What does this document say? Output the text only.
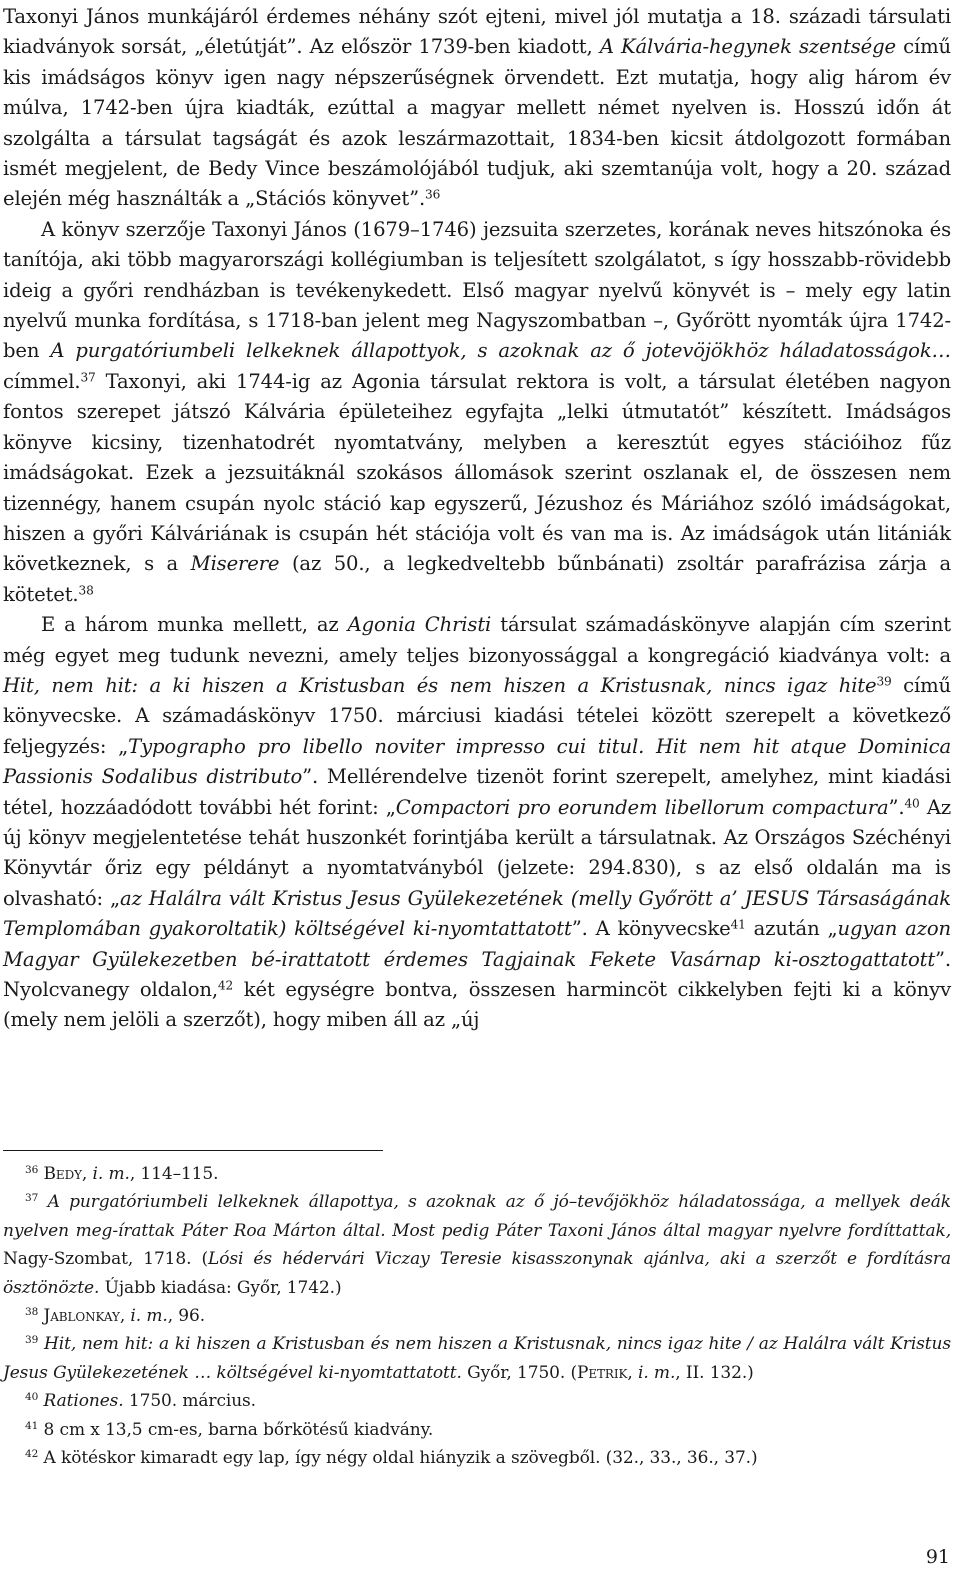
Taxonyi János munkájáról érdemes néhány szót ejteni, mivel jól mutatja a 18. századi társulati kiadványok sorsát, „életútját”. Az először 1739-ben kiadott, A Kálvária-hegynek szentsége című kis imádságos könyv igen nagy népszerűségnek örvendett. Ezt mutatja, hogy alig három év múlva, 1742-ben újra kiadták, ezúttal a magyar mellett német nyelven is. Hosszú időn át szolgálta a társulat tagságát és azok leszármazottait, 1834-ben kicsit átdolgozott formában ismét megjelent, de Bedy Vince beszámolójából tudjuk, aki szemtanúja volt, hogy a 20. század elején még használták a „Stációs könyvet”.$^{36}$

A könyv szerzője Taxonyi János (1679–1746) jezsuita szerzetes, korának neves hitszónoka és tanítója, aki több magyarországi kollégiumban is teljesített szolgálatot, s így hosszabb-rövidebb ideig a győri rendházban is tevékenykedett. Első magyar nyelvű könyvét is – mely egy latin nyelvű munka fordítása, s 1718-ban jelent meg Nagyszombatban –, Győrött nyomták újra 1742-ben A purgatóriumbeli lelkeknek állapottyok, s azoknak az ő jotevöjökhöz háladatosságok… címmel.$^{37}$ Taxonyi, aki 1744-ig az Agonia társulat rektora is volt, a társulat életében nagyon fontos szerepet játszó Kálvária épületeihez egyfajta „lelki útmutatót” készített. Imádságos könyve kicsiny, tizenhatodrét nyomtatvány, melyben a keresztút egyes stációihoz fűz imádságokat. Ezek a jezsuitáknál szokásos állomások szerint oszlanak el, de összesen nem tizennégy, hanem csupán nyolc stáció kap egyszerű, Jézushoz és Máriához szóló imádságokat, hiszen a győri Kálváriának is csupán hét stációja volt és van ma is. Az imádságok után litániák következnek, s a Miserere (az 50., a legkedveltebb bűnbánati) zsoltár parafrázisa zárja a kötetet.$^{38}$

E a három munka mellett, az Agonia Christi társulat számadáskönyve alapján cím szerint még egyet meg tudunk nevezni, amely teljes bizonyossággal a kongregáció kiadványa volt: a Hit, nem hit: a ki hiszen a Kristusban és nem hiszen a Kristusnak, nincs igaz hite$^{39}$ című könyvecske. A számadáskönyv 1750. márciusi kiadási tételei között szerepelt a következő feljegyzés: „Typographo pro libello noviter impresso cui titul. Hit nem hit atque Dominica Passionis Sodalibus distributo”. Mellérendelve tizenöt forint szerepelt, amelyhez, mint kiadási tétel, hozzáadódott további hét forint: „Compactori pro eorundem libellorum compactura”.$^{40}$ Az új könyv megjelentetése tehát huszonkét forintjába került a társulatnak. Az Országos Széchényi Könyvtár őriz egy példányt a nyomtatványból (jelzete: 294.830), s az első oldalán ma is olvasható: „az Halálra vált Kristus Jesus Gyülekezetének (melly Győrött a’ JESUS Társaságának Templomában gyakoroltatik) költségével ki-nyomtattatott”. A könyvecske$^{41}$ azután „ugyan azon Magyar Gyülekezetben bé-irattatott érdemes Tagjainak Fekete Vasárnap ki-osztogattatott”. Nyolcvanegy oldalon,$^{42}$ két egységre bontva, összesen harmincöt cikkelyben fejti ki a könyv (mely nem jelöli a szerzőt), hogy miben áll az „új

$^{36}$ Bedy, i. m., 114–115.

$^{37}$ A purgatóriumbeli lelkeknek állapottya, s azoknak az ő jó–tevőjökhöz háladatossága, a mellyek deák nyelven meg-írattak Páter Roa Márton által. Most pedig Páter Taxoni János által magyar nyelvre fordíttattak, Nagy-Szombat, 1718. (Lósi és hédervári Viczay Teresie kisasszonynak ajánlva, aki a szerzőt e fordításra ösztönözte. Újabb kiadása: Győr, 1742.)

$^{38}$ Jablonkay, i. m., 96.

$^{39}$ Hit, nem hit: a ki hiszen a Kristusban és nem hiszen a Kristusnak, nincs igaz hite / az Halálra vált Kristus Jesus Gyülekezetének … költségével ki-nyomtattatott. Győr, 1750. (Petrik, i. m., II. 132.)

$^{40}$ Rationes. 1750. március.

$^{41}$ 8 cm x 13,5 cm-es, barna bőrkötésű kiadvány.

$^{42}$ A kötéskor kimaradt egy lap, így négy oldal hiányzik a szövegből. (32., 33., 36., 37.)

91
